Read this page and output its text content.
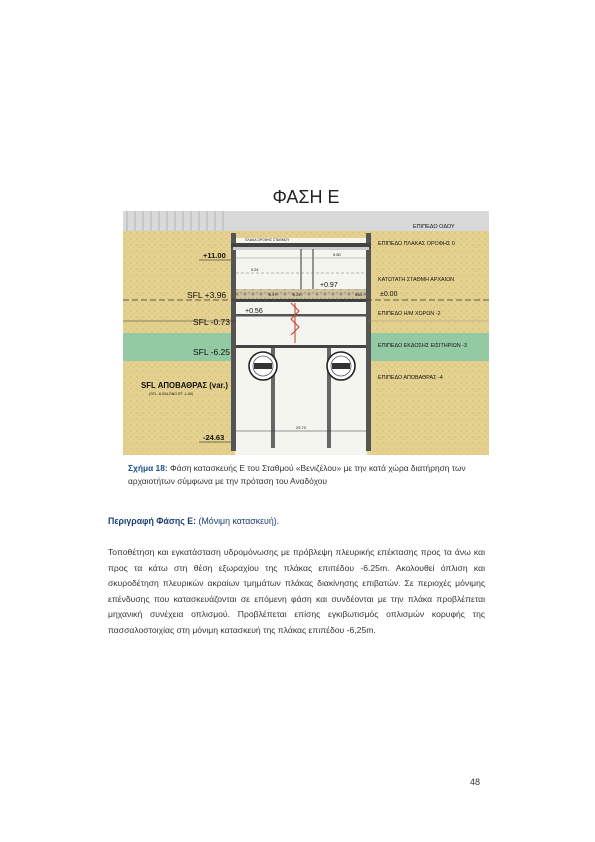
ΦΑΣΗ Ε
29.70
+11.00
SFL +3.96
SFL -0.73
SFL -6.25
SFL ΑΠΟΒΑΘΡΑΣ (var.)
(SFL -8.00/LONG RT -1.80)
-24.63
ΠΛΑΚΑ ΟΡΟΦΗΣ ΣΤΑΘΜΟΥ
9.80
5.24
+0.97
0.97	0.25	0.65
+0.56
±0.00
ΕΠΙΠΕΔΟ ΟΔΟΥ
ΕΠΙΠΕΔΟ ΠΛΑΚΑΣ ΟΡΟΦΗΣ 0
ΚΑΤΩΤΑΤΗ ΣΤΑΘΜΗ ΑΡΧΑΙΩΝ
ΕΠΙΠΕΔΟ Η/Μ ΧΩΡΩΝ -2
ΕΠΙΠΕΔΟ ΕΚΔΟΣΗΣ ΕΙΣΙΤΗΡΙΩΝ -3
ΕΠΙΠΕΔΟ ΑΠΟΒΑΘΡΑΣ -4
Σχήμα 18: Φάση κατασκευής Ε του Σταθμού «Βενιζέλου» με την κατά χώρα διατήρηση των αρχαιοτήτων σύμφωνα με την πρόταση του Αναδόχου
Περιγραφή Φάσης Ε: (Μόνιμη κατασκευή).
Τοποθέτηση και εγκατάσταση υδρομόνωσης με πρόβλεψη πλευρικής επέκτασης προς τα άνω και προς τα κάτω στη θέση εξωραχίου της πλάκας επιπέδου -6.25m. Ακολουθεί όπλιση και σκυροδέτηση πλευρικών ακραίων τμημάτων πλάκας διακίνησης επιβατών. Σε περιοχές μόνιμης επένδυσης που κατασκευάζονται σε επόμενη φάση και συνδέονται με την πλάκα προβλέπεται μηχανική συνέχεια οπλισμού. Προβλέπεται επίσης εγκιβωτισμός οπλισμών κορυφής της πασσαλοστοιχίας στη μόνιμη κατασκευή της πλάκας επιπέδου -6,25m.
48
